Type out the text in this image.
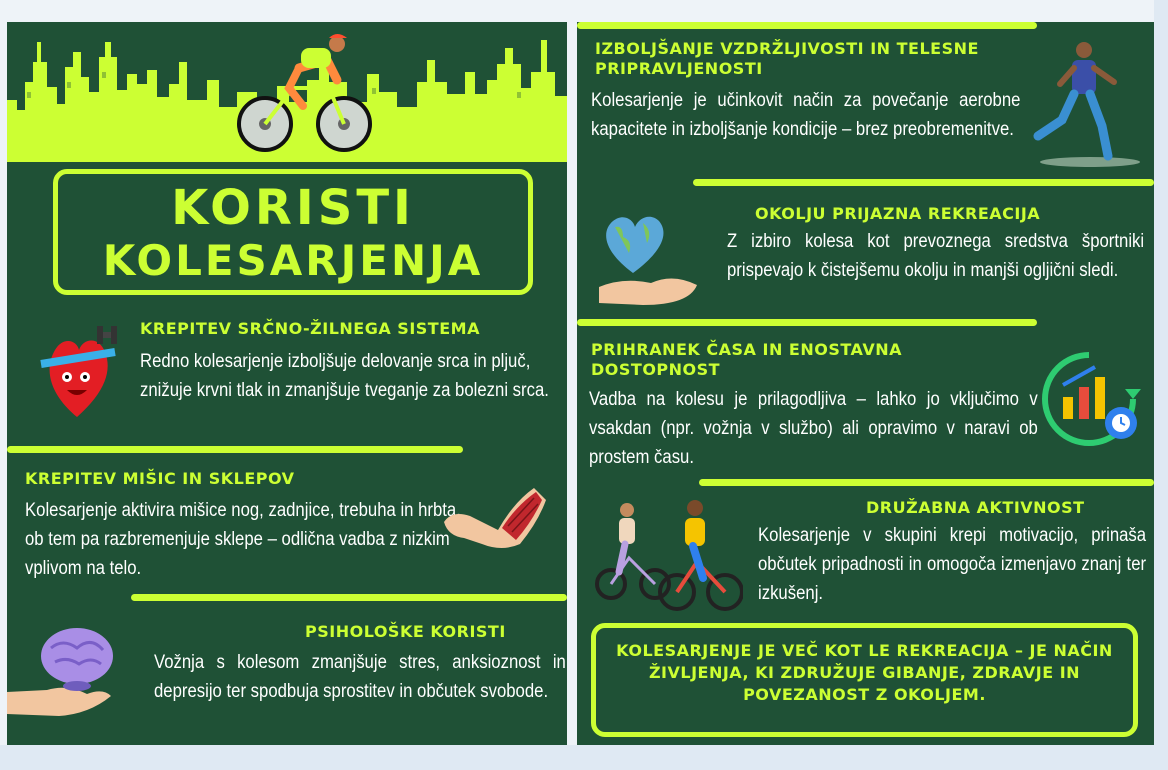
KORISTI
KOLESARJENJA
KREPITEV SRČNO-ŽILNEGA SISTEMA
Redno kolesarjenje izboljšuje delovanje srca in pljuč, znižuje krvni tlak in zmanjšuje tveganje za bolezni srca.
KREPITEV MIŠIC IN SKLEPOV
Kolesarjenje aktivira mišice nog, zadnjice, trebuha in hrbta, ob tem pa razbremenjuje sklepe – odlična vadba z nizkim vplivom na telo.
PSIHOLOŠKE KORISTI
Vožnja s kolesom zmanjšuje stres, anksioznost in depresijo ter spodbuja sprostitev in občutek svobode.
IZBOLJŠANJE VZDRŽLJIVOSTI IN TELESNE PRIPRAVLJENOSTI
Kolesarjenje je učinkovit način za povečanje aerobne kapacitete in izboljšanje kondicije – brez preobremenitve.
OKOLJU PRIJAZNA REKREACIJA
Z izbiro kolesa kot prevoznega sredstva športniki prispevajo k čistejšemu okolju in manjši ogljični sledi.
PRIHRANEK ČASA IN ENOSTAVNA DOSTOPNOST
Vadba na kolesu je prilagodljiva – lahko jo vključimo v vsakdan (npr. vožnja v službo) ali opravimo v naravi ob prostem času.
DRUŽABNA AKTIVNOST
Kolesarjenje v skupini krepi motivacijo, prinaša občutek pripadnosti in omogoča izmenjavo znanj ter izkušenj.
KOLESARJENJE JE VEČ KOT LE REKREACIJA – JE NAČIN ŽIVLJENJA, KI ZDRUŽUJE GIBANJE, ZDRAVJE IN POVEZANOST Z OKOLJEM.
